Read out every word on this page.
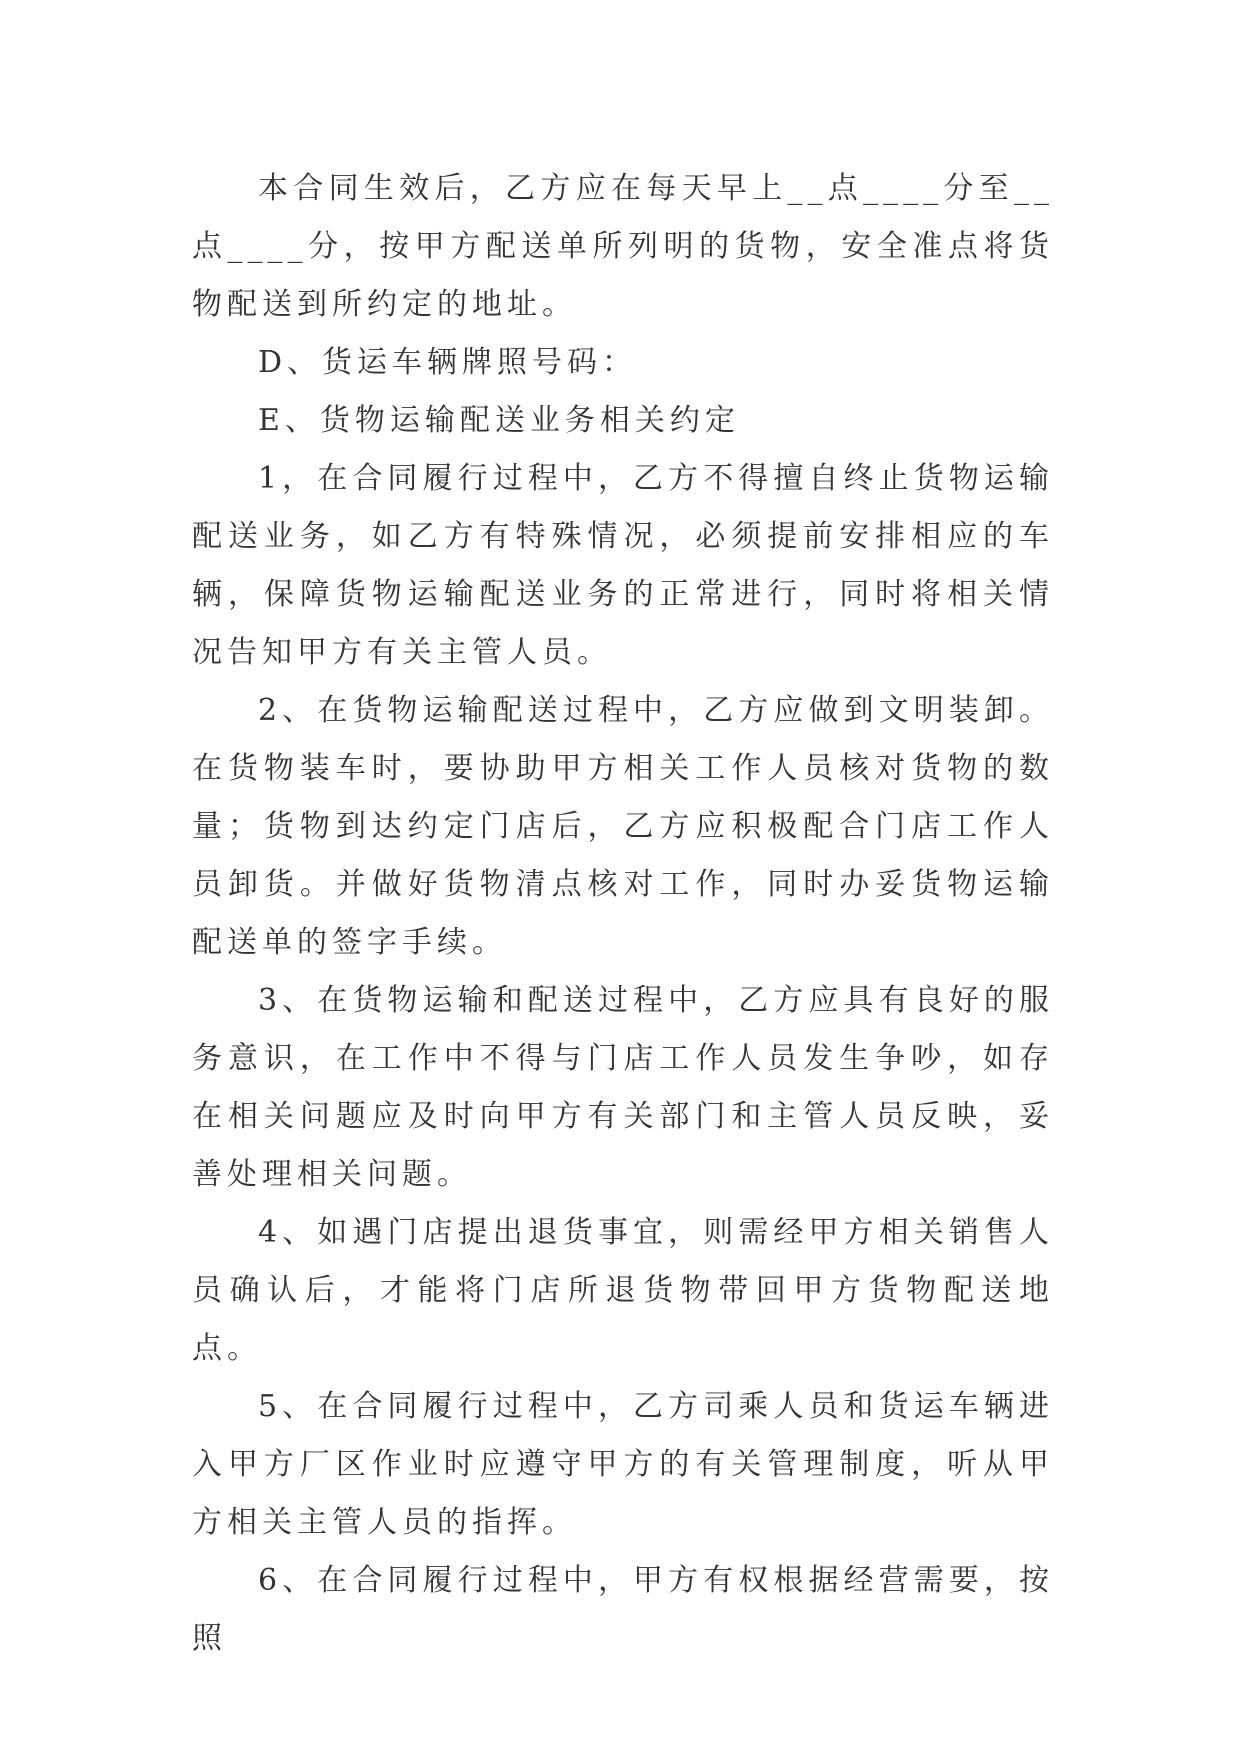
本合同生效后，乙方应在每天早上__点____分至__点____分，按甲方配送单所列明的货物，安全准点将货物配送到所约定的地址。

D、货运车辆牌照号码：

E、货物运输配送业务相关约定

1，在合同履行过程中，乙方不得擅自终止货物运输配送业务，如乙方有特殊情况，必须提前安排相应的车辆，保障货物运输配送业务的正常进行，同时将相关情况告知甲方有关主管人员。

2、在货物运输配送过程中，乙方应做到文明装卸。在货物装车时，要协助甲方相关工作人员核对货物的数量；货物到达约定门店后，乙方应积极配合门店工作人员卸货。并做好货物清点核对工作，同时办妥货物运输配送单的签字手续。

3、在货物运输和配送过程中，乙方应具有良好的服务意识，在工作中不得与门店工作人员发生争吵，如存在相关问题应及时向甲方有关部门和主管人员反映，妥善处理相关问题。

4、如遇门店提出退货事宜，则需经甲方相关销售人员确认后，才能将门店所退货物带回甲方货物配送地点。

5、在合同履行过程中，乙方司乘人员和货运车辆进入甲方厂区作业时应遵守甲方的有关管理制度，听从甲方相关主管人员的指挥。

6、在合同履行过程中，甲方有权根据经营需要，按照
